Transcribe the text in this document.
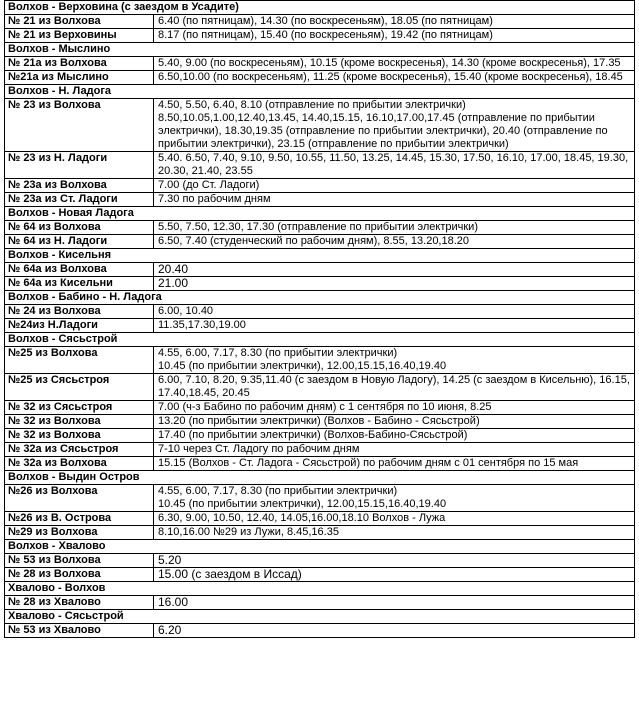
Волхов - Верховина (с заездом в Усадите)	
№ 21 из Волхова	6.40 (по пятницам), 14.30 (по воскресеньям), 18.05 (по пятницам)
№ 21 из Верховины	8.17 (по пятницам), 15.40 (по воскресеньям), 19.42 (по пятницам)
Волхов - Мыслино	
№ 21а из Волхова	5.40, 9.00 (по воскресеньям), 10.15 (кроме воскресенья), 14.30 (кроме воскресенья), 17.35
№21а из Мыслино	6.50,10.00 (по воскресеньям), 11.25 (кроме воскресенья), 15.40 (кроме воскресенья), 18.45
Волхов - Н. Ладога	
№ 23 из Волхова	4.50, 5.50, 6.40, 8.10 (отправление по прибытии электрички)
8.50,10.05,1.00,12.40,13.45, 14.40,15.15, 16.10,17.00,17.45 (отправление по прибытии электрички), 18.30,19.35 (отправление по прибытии электрички), 20.40 (отправление по прибытии электрички), 23.15 (отправление по прибытии электрички)
№ 23 из Н. Ладоги	5.40. 6.50, 7.40, 9.10, 9.50, 10.55, 11.50, 13.25, 14.45, 15.30, 17.50, 16.10, 17.00, 18.45, 19.30, 20.30, 21.40, 23.55
№ 23а из Волхова	7.00 (до Ст. Ладоги)
№ 23а из Ст. Ладоги	7.30 по рабочим дням
Волхов - Новая Ладога	
№ 64 из Волхова	5.50, 7.50, 12.30, 17.30 (отправление по прибытии электрички)
№ 64 из Н. Ладоги	6.50, 7.40 (студенческий по рабочим дням), 8.55, 13.20,18.20
Волхов - Кисельня	
№ 64а из Волхова	20.40
№ 64а из Кисельни	21.00
Волхов - Бабино - Н. Ладога	
№ 24 из Волхова	6.00, 10.40
№24из Н.Ладоги	11.35,17.30,19.00
Волхов - Сясьстрой	
№25 из Волхова	4.55, 6.00, 7.17, 8.30 (по прибытии электрички)
10.45 (по прибытии электрички), 12.00,15.15,16.40,19.40
№25 из Сясьстроя	6.00, 7.10, 8.20, 9.35,11.40 (с заездом в Новую Ладогу), 14.25 (с заездом в Кисельню), 16.15, 17.40,18.45, 20.45
№ 32 из Сясьстроя	7.00 (ч-з Бабино по рабочим дням) с 1 сентября по 10 июня, 8.25
№ 32 из Волхова	13.20 (по прибытии электрички) (Волхов - Бабино - Сясьстрой)
№ 32 из Волхова	17.40 (по прибытии электрички) (Волхов-Бабино-Сясьстрой)
№ 32а из Сясьстроя	7-10 через Ст. Ладогу по рабочим дням
№ 32а из Волхова	15.15 (Волхов - Ст. Ладога - Сясьстрой) по рабочим дням с 01 сентября по 15 мая
Волхов - Выдин Остров	
№26 из Волхова	4.55, 6.00, 7.17, 8.30 (по прибытии электрички)
10.45 (по прибытии электрички), 12.00,15.15,16.40,19.40
№26 из В. Острова	6.30, 9.00, 10.50, 12.40, 14.05,16.00,18.10 Волхов - Лужа
№29 из Волхова	8.10,16.00 №29 из Лужи, 8.45,16.35
Волхов - Хвалово	
№ 53 из Волхова	5.20
№ 28 из Волхова	15.00 (с заездом в Иссад)
Хвалово - Волхов	
№ 28 из Хвалово	16.00
Хвалово - Сясьстрой	
№ 53 из Хвалово	6.20
